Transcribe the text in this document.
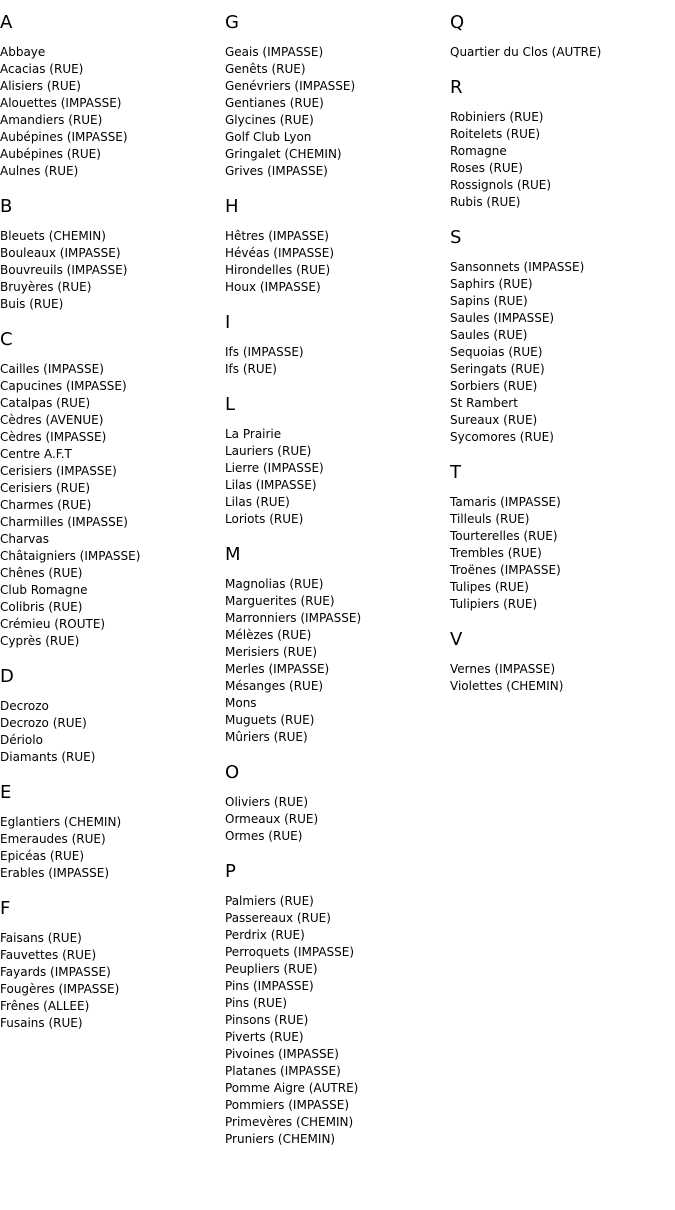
A
Abbaye
Acacias (RUE)
Alisiers (RUE)
Alouettes (IMPASSE)
Amandiers (RUE)
Aubépines (IMPASSE)
Aubépines (RUE)
Aulnes (RUE)
B
Bleuets (CHEMIN)
Bouleaux (IMPASSE)
Bouvreuils (IMPASSE)
Bruyères (RUE)
Buis (RUE)
C
Cailles (IMPASSE)
Capucines (IMPASSE)
Catalpas (RUE)
Cèdres (AVENUE)
Cèdres (IMPASSE)
Centre A.F.T
Cerisiers (IMPASSE)
Cerisiers (RUE)
Charmes (RUE)
Charmilles (IMPASSE)
Charvas
Châtaigniers (IMPASSE)
Chênes (RUE)
Club Romagne
Colibris (RUE)
Crémieu (ROUTE)
Cyprès (RUE)
D
Decrozo
Decrozo (RUE)
Dériolo
Diamants (RUE)
E
Eglantiers (CHEMIN)
Emeraudes (RUE)
Epicéas (RUE)
Erables (IMPASSE)
F
Faisans (RUE)
Fauvettes (RUE)
Fayards (IMPASSE)
Fougères (IMPASSE)
Frênes (ALLEE)
Fusains (RUE)
G
Geais (IMPASSE)
Genêts (RUE)
Genévriers (IMPASSE)
Gentianes (RUE)
Glycines (RUE)
Golf Club Lyon
Gringalet (CHEMIN)
Grives (IMPASSE)
H
Hêtres (IMPASSE)
Hévéas (IMPASSE)
Hirondelles (RUE)
Houx (IMPASSE)
I
Ifs (IMPASSE)
Ifs (RUE)
L
La Prairie
Lauriers (RUE)
Lierre (IMPASSE)
Lilas (IMPASSE)
Lilas (RUE)
Loriots (RUE)
M
Magnolias (RUE)
Marguerites (RUE)
Marronniers (IMPASSE)
Mélèzes (RUE)
Merisiers (RUE)
Merles (IMPASSE)
Mésanges (RUE)
Mons
Muguets (RUE)
Mûriers (RUE)
O
Oliviers (RUE)
Ormeaux (RUE)
Ormes (RUE)
P
Palmiers (RUE)
Passereaux (RUE)
Perdrix (RUE)
Perroquets (IMPASSE)
Peupliers (RUE)
Pins (IMPASSE)
Pins (RUE)
Pinsons (RUE)
Piverts (RUE)
Pivoines (IMPASSE)
Platanes (IMPASSE)
Pomme Aigre (AUTRE)
Pommiers (IMPASSE)
Primevères (CHEMIN)
Pruniers (CHEMIN)
Q
Quartier du Clos (AUTRE)
R
Robiniers (RUE)
Roitelets (RUE)
Romagne
Roses (RUE)
Rossignols (RUE)
Rubis (RUE)
S
Sansonnets (IMPASSE)
Saphirs (RUE)
Sapins (RUE)
Saules (IMPASSE)
Saules (RUE)
Sequoias (RUE)
Seringats (RUE)
Sorbiers (RUE)
St Rambert
Sureaux (RUE)
Sycomores (RUE)
T
Tamaris (IMPASSE)
Tilleuls (RUE)
Tourterelles (RUE)
Trembles (RUE)
Troënes (IMPASSE)
Tulipes (RUE)
Tulipiers (RUE)
V
Vernes (IMPASSE)
Violettes (CHEMIN)
